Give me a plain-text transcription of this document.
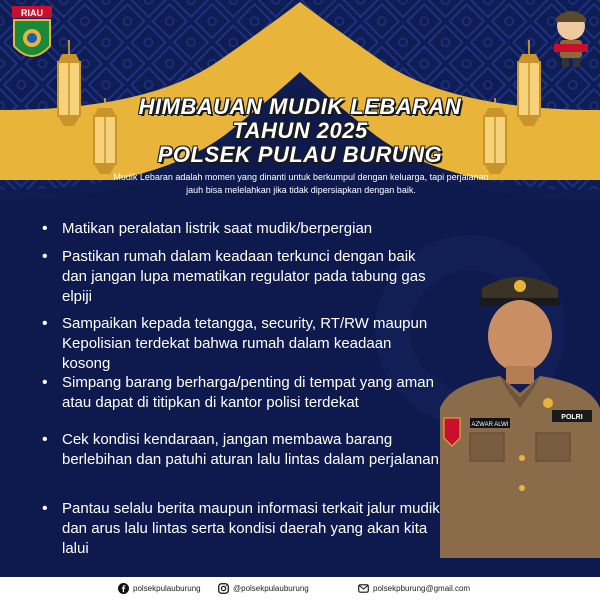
RIAU
HIMBAUAN MUDIK LEBARAN
TAHUN 2025
POLSEK PULAU BURUNG
Mudik Lebaran adalah momen yang dinanti untuk berkumpul dengan keluarga, tapi perjalanan jauh bisa melelahkan jika tidak dipersiapkan dengan baik.
AZWAR ALWI
POLRI
• Matikan peralatan listrik saat mudik/berpergian
• Pastikan rumah dalam keadaan terkunci dengan baik dan jangan lupa mematikan regulator pada tabung gas elpiji
• Sampaikan kepada tetangga, security, RT/RW maupun Kepolisian terdekat bahwa rumah dalam keadaan kosong
• Simpang barang berharga/penting di tempat yang aman atau dapat di titipkan di kantor polisi terdekat
• Cek kondisi kendaraan, jangan membawa barang berlebihan dan patuhi aturan lalu lintas dalam perjalanan
• Pantau selalu berita maupun informasi terkait jalur mudik dan arus lalu lintas serta kondisi daerah yang akan kita lalui
polsekpulauburung	@polsekpulauburung	polsekpburung@gmail.com
